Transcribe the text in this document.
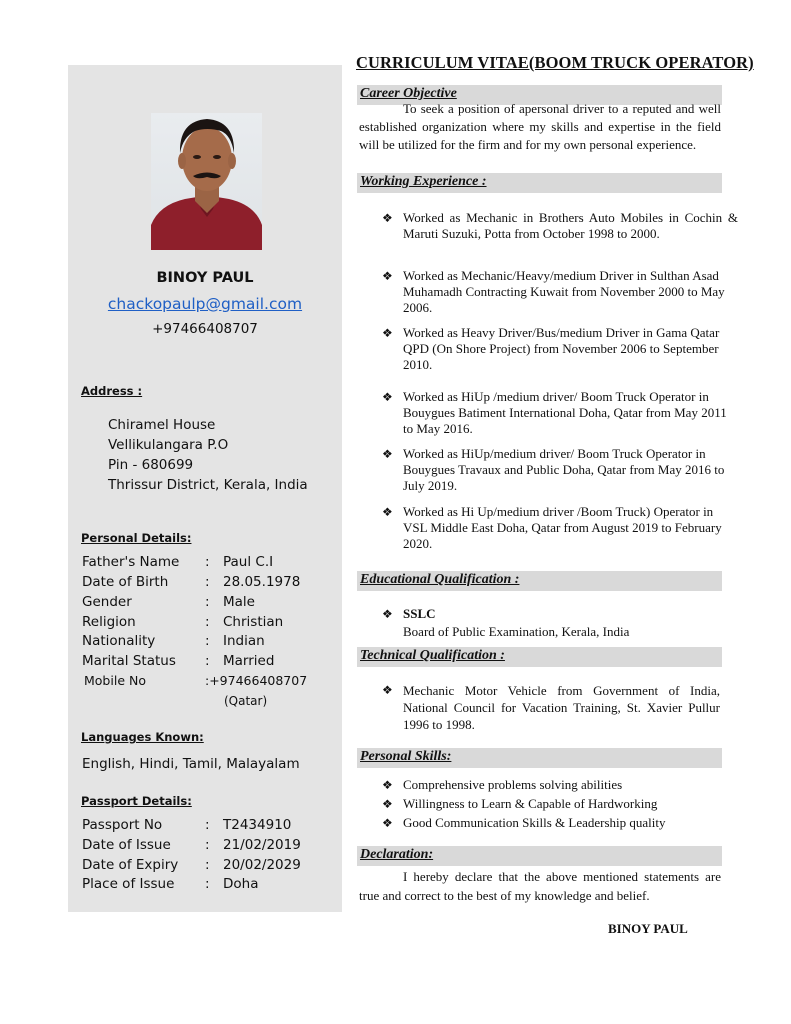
CURRICULUM VITAE(BOOM TRUCK OPERATOR)
BINOY PAUL
chackopaulp@gmail.com
+97466408707
Address :
Chiramel House
Vellikulangara P.O
Pin - 680699
Thrissur District, Kerala, India
Personal Details:
Father's Name : Paul C.I
Date of Birth	: 28.05.1978
Gender	: Male
Religion	: Christian
Nationality	: Indian
Marital Status : Married
Mobile No	:+97466408707
(Qatar)
Languages Known:
English, Hindi, Tamil, Malayalam
Passport Details:
Passport No	: T2434910
Date of Issue	: 21/02/2019
Date of Expiry : 20/02/2029
Place of Issue : Doha
Career Objective
To seek a position of apersonal driver to a reputed and well established organization where my skills and expertise in the field will be utilized for the firm and for my own personal experience.
Working Experience :
❖ Worked as Mechanic in Brothers Auto Mobiles in Cochin & Maruti Suzuki, Potta from October 1998 to 2000.
❖ Worked as Mechanic/Heavy/medium Driver in Sulthan Asad Muhamadh Contracting Kuwait from November 2000 to May 2006.
❖ Worked as Heavy Driver/Bus/medium Driver in Gama Qatar QPD (On Shore Project) from November 2006 to September 2010.
❖ Worked as HiUp /medium driver/ Boom Truck Operator in Bouygues Batiment International Doha, Qatar from May 2011 to May 2016.
❖ Worked as HiUp/medium driver/ Boom Truck Operator in Bouygues Travaux and Public Doha, Qatar from May 2016 to July 2019.
❖ Worked as Hi Up/medium driver /Boom Truck) Operator in VSL Middle East Doha, Qatar from August 2019 to February 2020.
Educational Qualification :
❖ SSLC
Board of Public Examination, Kerala, India
Technical Qualification :
❖ Mechanic Motor Vehicle from Government of India, National Council for Vacation Training, St. Xavier Pullur 1996 to 1998.
Personal Skills:
❖ Comprehensive problems solving abilities
❖ Willingness to Learn & Capable of Hardworking
❖ Good Communication Skills & Leadership quality
Declaration:
I hereby declare that the above mentioned statements are true and correct to the best of my knowledge and belief.
BINOY PAUL
